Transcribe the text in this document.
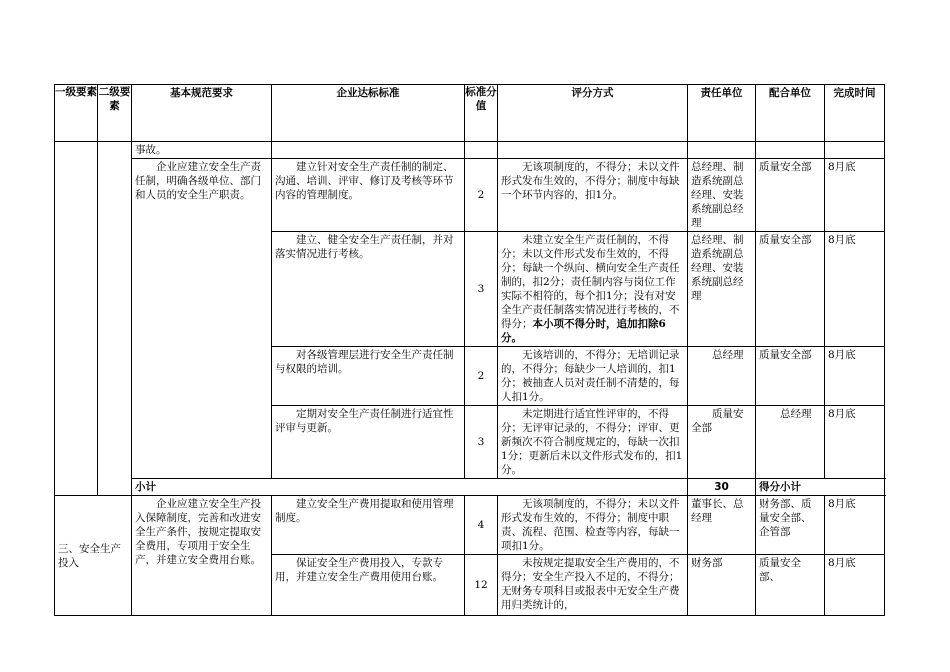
一级要素	二级要素	基本规范要求	企业达标标准	标准分值	评分方式	责任单位	配合单位	完成时间
		事故。						
		企业应建立安全生产责任制，明确各级单位、部门和人员的安全生产职责。	建立针对安全生产责任制的制定、沟通、培训、评审、修订及考核等环节内容的管理制度。	2	无该项制度的，不得分；未以文件形式发布生效的，不得分；制度中每缺一个环节内容的，扣1分。	总经理、制造系统副总经理、安装系统副总经理	质量安全部	8月底
			建立、健全安全生产责任制，并对落实情况进行考核。	3	未建立安全生产责任制的，不得分；未以文件形式发布生效的，不得分；每缺一个纵向、横向安全生产责任制的，扣2分；责任制内容与岗位工作实际不相符的，每个扣1分；没有对安全生产责任制落实情况进行考核的，不得分；本小项不得分时，追加扣除6分。	总经理、制造系统副总经理、安装系统副总经理	质量安全部	8月底
			对各级管理层进行安全生产责任制与权限的培训。	2	无该培训的，不得分；无培训记录的，不得分；每缺少一人培训的，扣1分；被抽查人员对责任制不清楚的，每人扣1分。	总经理	质量安全部	8月底
			定期对安全生产责任制进行适宜性评审与更新。	3	未定期进行适宜性评审的，不得分；无评审记录的，不得分；评审、更新频次不符合制度规定的，每缺一次扣1分；更新后未以文件形式发布的，扣1分。	质量安全部	总经理	8月底
		小计				30	得分小计	
三、安全生产投入		企业应建立安全生产投入保障制度，完善和改进安全生产条件，按规定提取安全费用，专项用于安全生产，并建立安全费用台账。	建立安全生产费用提取和使用管理制度。	4	无该项制度的，不得分；未以文件形式发布生效的，不得分；制度中职责、流程、范围、检查等内容，每缺一项扣1分。	董事长、总经理	财务部、质量安全部、企管部	8月底
			保证安全生产费用投入，专款专用，并建立安全生产费用使用台账。	12	未按规定提取安全生产费用的，不得分；安全生产投入不足的，不得分；无财务专项科目或报表中无安全生产费用归类统计的，	财务部	质量安全部、	8月底
